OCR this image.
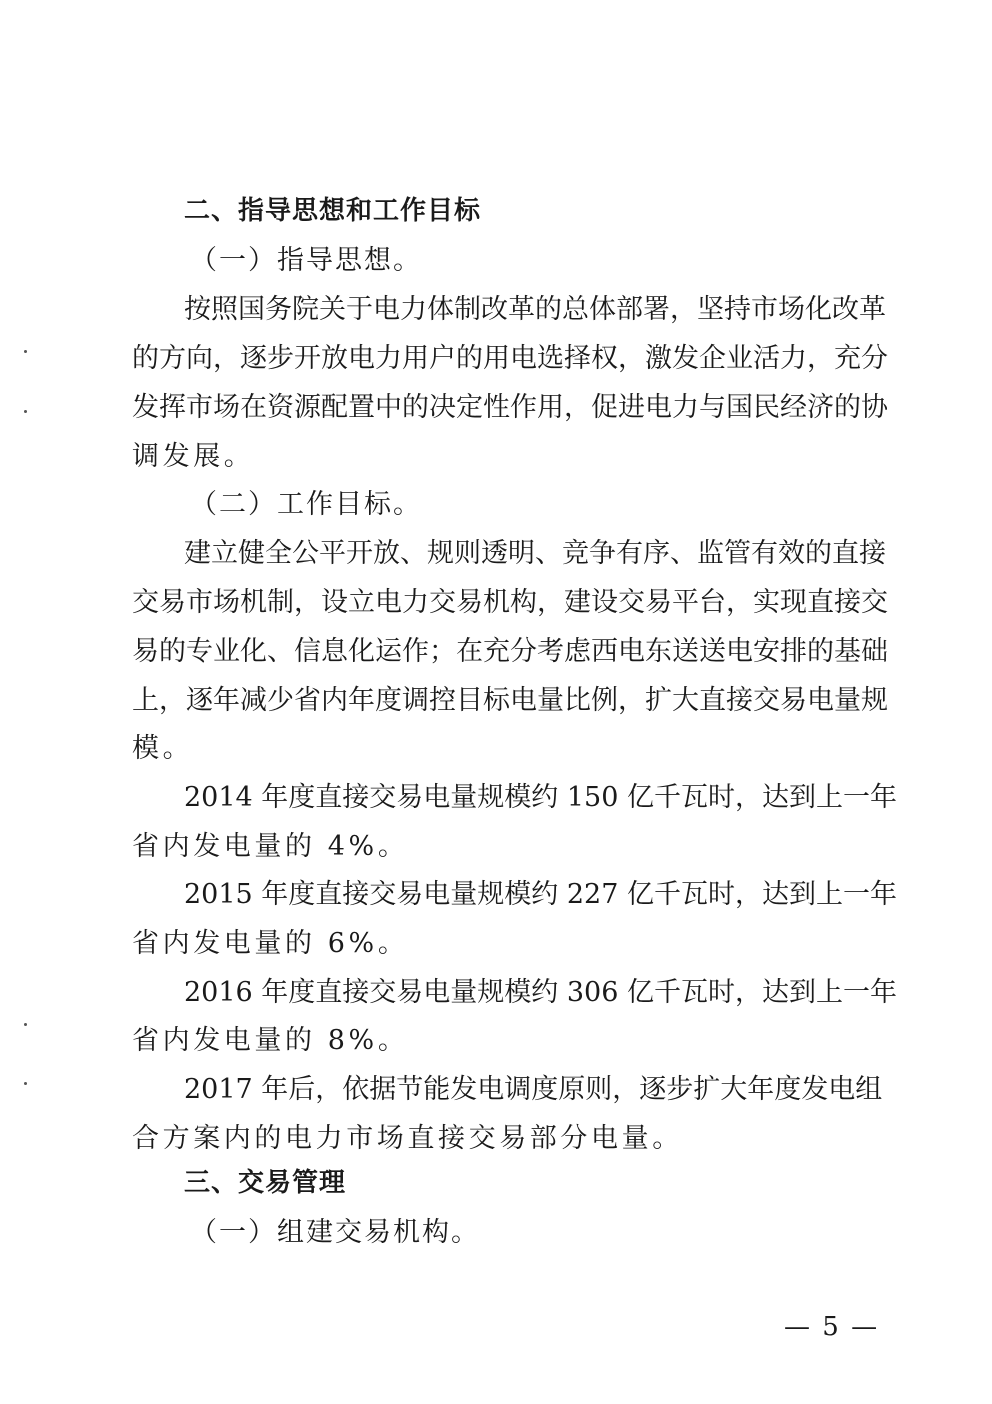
二、指导思想和工作目标
（一）指导思想。
按照国务院关于电力体制改革的总体部署，坚持市场化改革
的方向，逐步开放电力用户的用电选择权，激发企业活力，充分
发挥市场在资源配置中的决定性作用，促进电力与国民经济的协
调发展。
（二）工作目标。
建立健全公平开放、规则透明、竞争有序、监管有效的直接
交易市场机制，设立电力交易机构，建设交易平台，实现直接交
易的专业化、信息化运作；在充分考虑西电东送送电安排的基础
上，逐年减少省内年度调控目标电量比例，扩大直接交易电量规
模。
2014 年度直接交易电量规模约 150 亿千瓦时，达到上一年
省内发电量的 4%。
2015 年度直接交易电量规模约 227 亿千瓦时，达到上一年
省内发电量的 6%。
2016 年度直接交易电量规模约 306 亿千瓦时，达到上一年
省内发电量的 8%。
2017 年后，依据节能发电调度原则，逐步扩大年度发电组
合方案内的电力市场直接交易部分电量。
三、交易管理
（一）组建交易机构。
— 5 —
